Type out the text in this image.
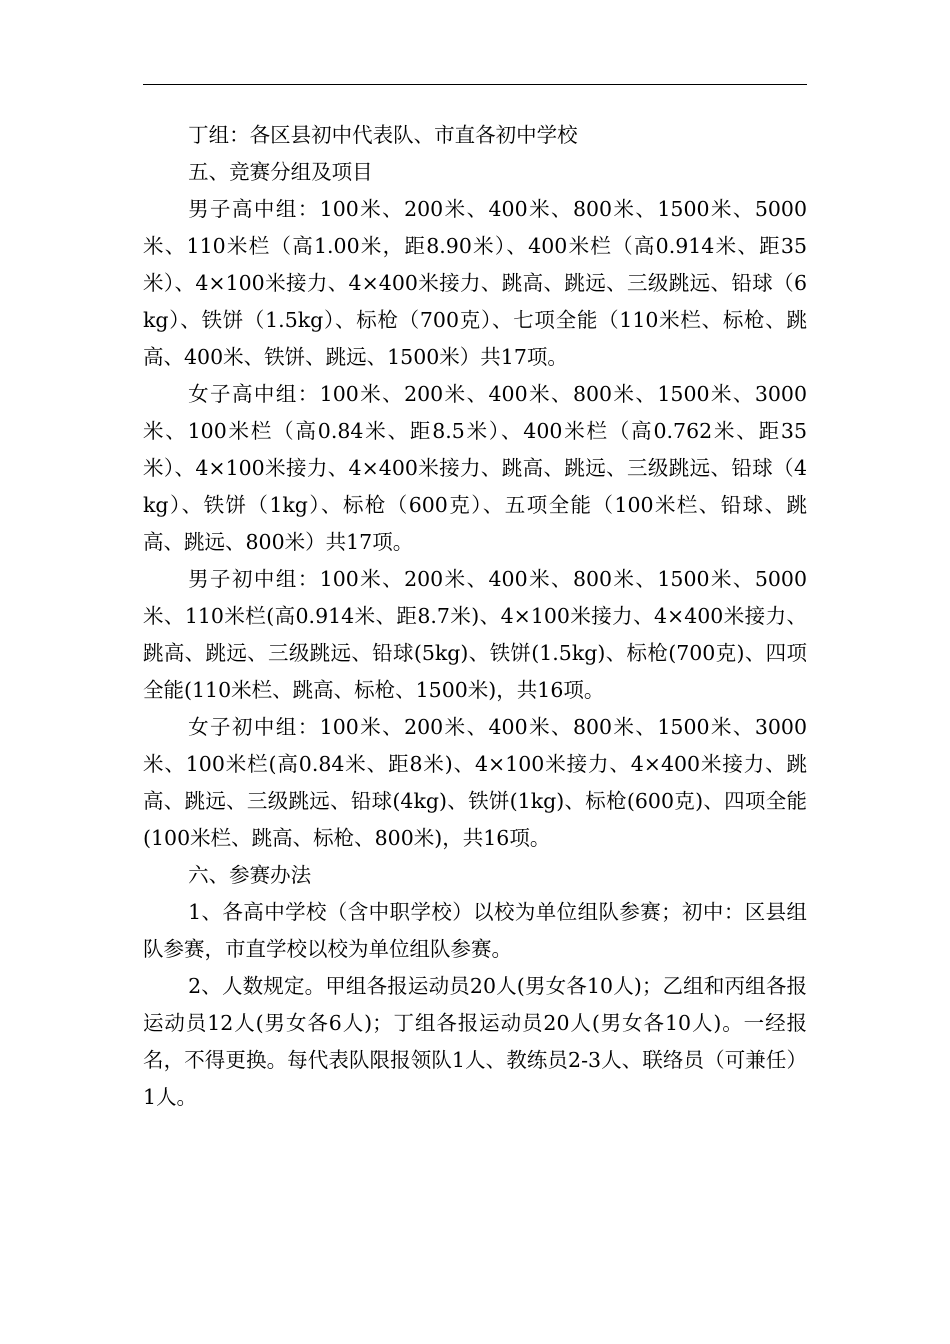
丁组：各区县初中代表队、市直各初中学校

五、竞赛分组及项目

男子高中组：100米、200米、400米、800米、1500米、5000米、110米栏（高1.00米，距8.90米）、400米栏（高0.914米、距35米）、4×100米接力、4×400米接力、跳高、跳远、三级跳远、铅球（6kg）、铁饼（1.5kg）、标枪（700克）、七项全能（110米栏、标枪、跳高、400米、铁饼、跳远、1500米）共17项。

女子高中组：100米、200米、400米、800米、1500米、3000米、100米栏（高0.84米、距8.5米）、400米栏（高0.762米、距35米）、4×100米接力、4×400米接力、跳高、跳远、三级跳远、铅球（4kg）、铁饼（1kg）、标枪（600克）、五项全能（100米栏、铅球、跳高、跳远、800米）共17项。

男子初中组：100米、200米、400米、800米、1500米、5000米、110米栏(高0.914米、距8.7米)、4×100米接力、4×400米接力、跳高、跳远、三级跳远、铅球(5kg)、铁饼(1.5kg)、标枪(700克)、四项全能(110米栏、跳高、标枪、1500米)，共16项。

女子初中组：100米、200米、400米、800米、1500米、3000米、100米栏(高0.84米、距8米)、4×100米接力、4×400米接力、跳高、跳远、三级跳远、铅球(4kg)、铁饼(1kg)、标枪(600克)、四项全能(100米栏、跳高、标枪、800米)，共16项。

六、参赛办法

1、各高中学校（含中职学校）以校为单位组队参赛；初中：区县组队参赛，市直学校以校为单位组队参赛。

2、人数规定。甲组各报运动员20人(男女各10人)；乙组和丙组各报运动员12人(男女各6人)；丁组各报运动员20人(男女各10人)。一经报名，不得更换。每代表队限报领队1人、教练员2-3人、联络员（可兼任）1人。
